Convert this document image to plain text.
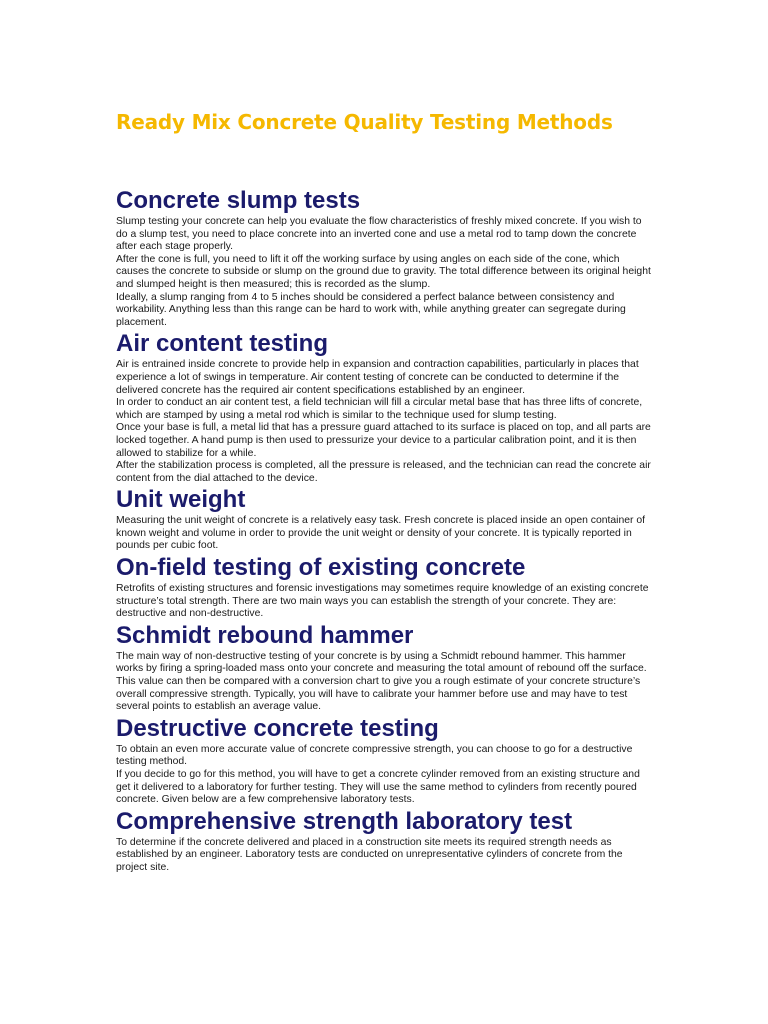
Ready Mix Concrete Quality Testing Methods
Concrete slump tests

Slump testing your concrete can help you evaluate the flow characteristics of freshly mixed concrete. If you wish to do a slump test, you need to place concrete into an inverted cone and use a metal rod to tamp down the concrete after each stage properly.

After the cone is full, you need to lift it off the working surface by using angles on each side of the cone, which causes the concrete to subside or slump on the ground due to gravity. The total difference between its original height and slumped height is then measured; this is recorded as the slump.

Ideally, a slump ranging from 4 to 5 inches should be considered a perfect balance between consistency and workability. Anything less than this range can be hard to work with, while anything greater can segregate during placement.

Air content testing

Air is entrained inside concrete to provide help in expansion and contraction capabilities, particularly in places that experience a lot of swings in temperature. Air content testing of concrete can be conducted to determine if the delivered concrete has the required air content specifications established by an engineer.

In order to conduct an air content test, a field technician will fill a circular metal base that has three lifts of concrete, which are stamped by using a metal rod which is similar to the technique used for slump testing.

Once your base is full, a metal lid that has a pressure guard attached to its surface is placed on top, and all parts are locked together. A hand pump is then used to pressurize your device to a particular calibration point, and it is then allowed to stabilize for a while.

After the stabilization process is completed, all the pressure is released, and the technician can read the concrete air content from the dial attached to the device.

Unit weight

Measuring the unit weight of concrete is a relatively easy task. Fresh concrete is placed inside an open container of known weight and volume in order to provide the unit weight or density of your concrete. It is typically reported in pounds per cubic foot.

On-field testing of existing concrete

Retrofits of existing structures and forensic investigations may sometimes require knowledge of an existing concrete structure’s total strength. There are two main ways you can establish the strength of your concrete. They are: destructive and non-destructive.

Schmidt rebound hammer

The main way of non-destructive testing of your concrete is by using a Schmidt rebound hammer. This hammer works by firing a spring-loaded mass onto your concrete and measuring the total amount of rebound off the surface.

This value can then be compared with a conversion chart to give you a rough estimate of your concrete structure’s overall compressive strength. Typically, you will have to calibrate your hammer before use and may have to test several points to establish an average value.

Destructive concrete testing

To obtain an even more accurate value of concrete compressive strength, you can choose to go for a destructive testing method.

If you decide to go for this method, you will have to get a concrete cylinder removed from an existing structure and get it delivered to a laboratory for further testing. They will use the same method to cylinders from recently poured concrete. Given below are a few comprehensive laboratory tests.

Comprehensive strength laboratory test

To determine if the concrete delivered and placed in a construction site meets its required strength needs as established by an engineer. Laboratory tests are conducted on unrepresentative cylinders of concrete from the project site.
